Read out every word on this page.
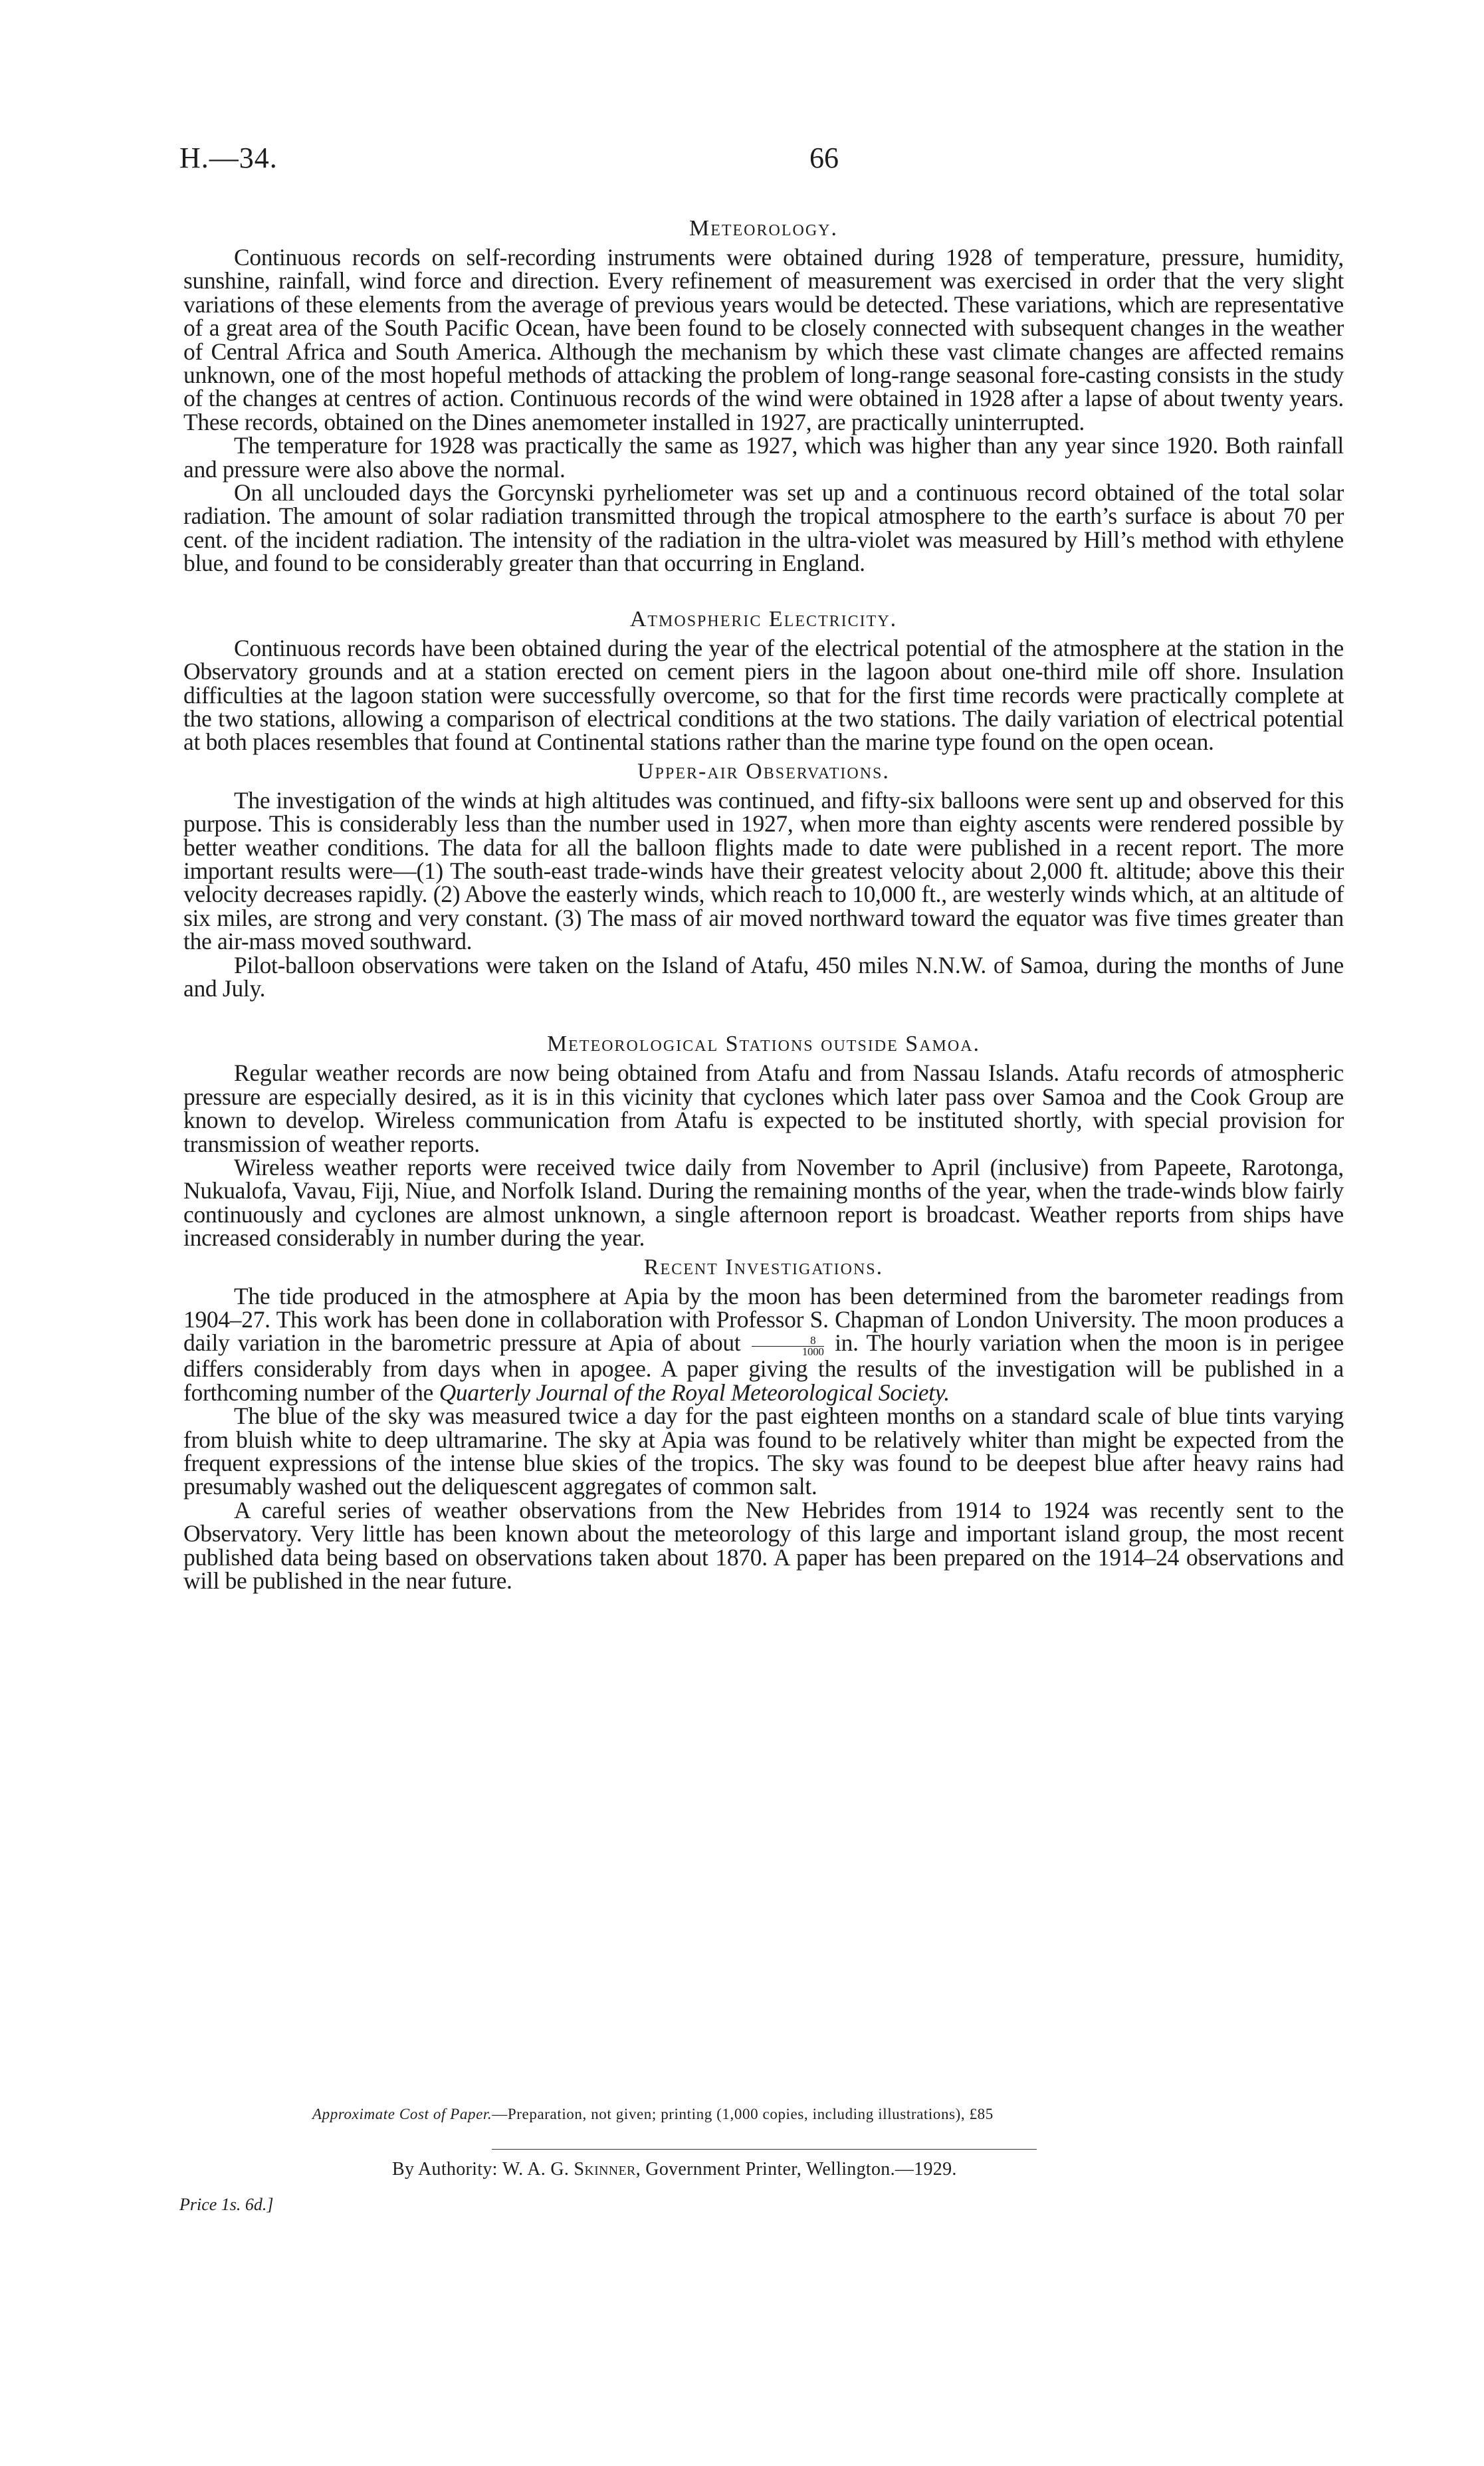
H.—34.	66
Meteorology.

Continuous records on self-recording instruments were obtained during 1928 of temperature, pressure, humidity, sunshine, rainfall, wind force and direction. Every refinement of measurement was exercised in order that the very slight variations of these elements from the average of previous years would be detected. These variations, which are representative of a great area of the South Pacific Ocean, have been found to be closely connected with subsequent changes in the weather of Central Africa and South America. Although the mechanism by which these vast climate changes are affected remains unknown, one of the most hopeful methods of attacking the problem of long-range seasonal fore-casting consists in the study of the changes at centres of action. Continuous records of the wind were obtained in 1928 after a lapse of about twenty years. These records, obtained on the Dines anemometer installed in 1927, are practically uninterrupted.

The temperature for 1928 was practically the same as 1927, which was higher than any year since 1920. Both rainfall and pressure were also above the normal.

On all unclouded days the Gorcynski pyrheliometer was set up and a continuous record obtained of the total solar radiation. The amount of solar radiation transmitted through the tropical atmosphere to the earth’s surface is about 70 per cent. of the incident radiation. The intensity of the radiation in the ultra-violet was measured by Hill’s method with ethylene blue, and found to be considerably greater than that occurring in England.

Atmospheric Electricity.

Continuous records have been obtained during the year of the electrical potential of the atmosphere at the station in the Observatory grounds and at a station erected on cement piers in the lagoon about one-third mile off shore. Insulation difficulties at the lagoon station were successfully overcome, so that for the first time records were practically complete at the two stations, allowing a comparison of electrical conditions at the two stations. The daily variation of electrical potential at both places resembles that found at Continental stations rather than the marine type found on the open ocean.

Upper-air Observations.

The investigation of the winds at high altitudes was continued, and fifty-six balloons were sent up and observed for this purpose. This is considerably less than the number used in 1927, when more than eighty ascents were rendered possible by better weather conditions. The data for all the balloon flights made to date were published in a recent report. The more important results were—(1) The south-east trade-winds have their greatest velocity about 2,000 ft. altitude; above this their velocity decreases rapidly. (2) Above the easterly winds, which reach to 10,000 ft., are westerly winds which, at an altitude of six miles, are strong and very constant. (3) The mass of air moved northward toward the equator was five times greater than the air-mass moved southward.

Pilot-balloon observations were taken on the Island of Atafu, 450 miles N.N.W. of Samoa, during the months of June and July.

Meteorological Stations outside Samoa.

Regular weather records are now being obtained from Atafu and from Nassau Islands. Atafu records of atmospheric pressure are especially desired, as it is in this vicinity that cyclones which later pass over Samoa and the Cook Group are known to develop. Wireless communication from Atafu is expected to be instituted shortly, with special provision for transmission of weather reports.

Wireless weather reports were received twice daily from November to April (inclusive) from Papeete, Rarotonga, Nukualofa, Vavau, Fiji, Niue, and Norfolk Island. During the remaining months of the year, when the trade-winds blow fairly continuously and cyclones are almost unknown, a single afternoon report is broadcast. Weather reports from ships have increased considerably in number during the year.

Recent Investigations.

The tide produced in the atmosphere at Apia by the moon has been determined from the barometer readings from 1904–27. This work has been done in collaboration with Professor S. Chapman of London University. The moon produces a daily variation in the barometric pressure at Apia of about $\frac{8}{1000}$ in. The hourly variation when the moon is in perigee differs considerably from days when in apogee. A paper giving the results of the investigation will be published in a forthcoming number of the Quarterly Journal of the Royal Meteorological Society.

The blue of the sky was measured twice a day for the past eighteen months on a standard scale of blue tints varying from bluish white to deep ultramarine. The sky at Apia was found to be relatively whiter than might be expected from the frequent expressions of the intense blue skies of the tropics. The sky was found to be deepest blue after heavy rains had presumably washed out the deliquescent aggregates of common salt.

A careful series of weather observations from the New Hebrides from 1914 to 1924 was recently sent to the Observatory. Very little has been known about the meteorology of this large and important island group, the most recent published data being based on observations taken about 1870. A paper has been prepared on the 1914–24 observations and will be published in the near future.

Approximate Cost of Paper.—Preparation, not given; printing (1,000 copies, including illustrations), £85
By Authority: W. A. G. Skinner, Government Printer, Wellington.—1929.
Price 1s. 6d.]
